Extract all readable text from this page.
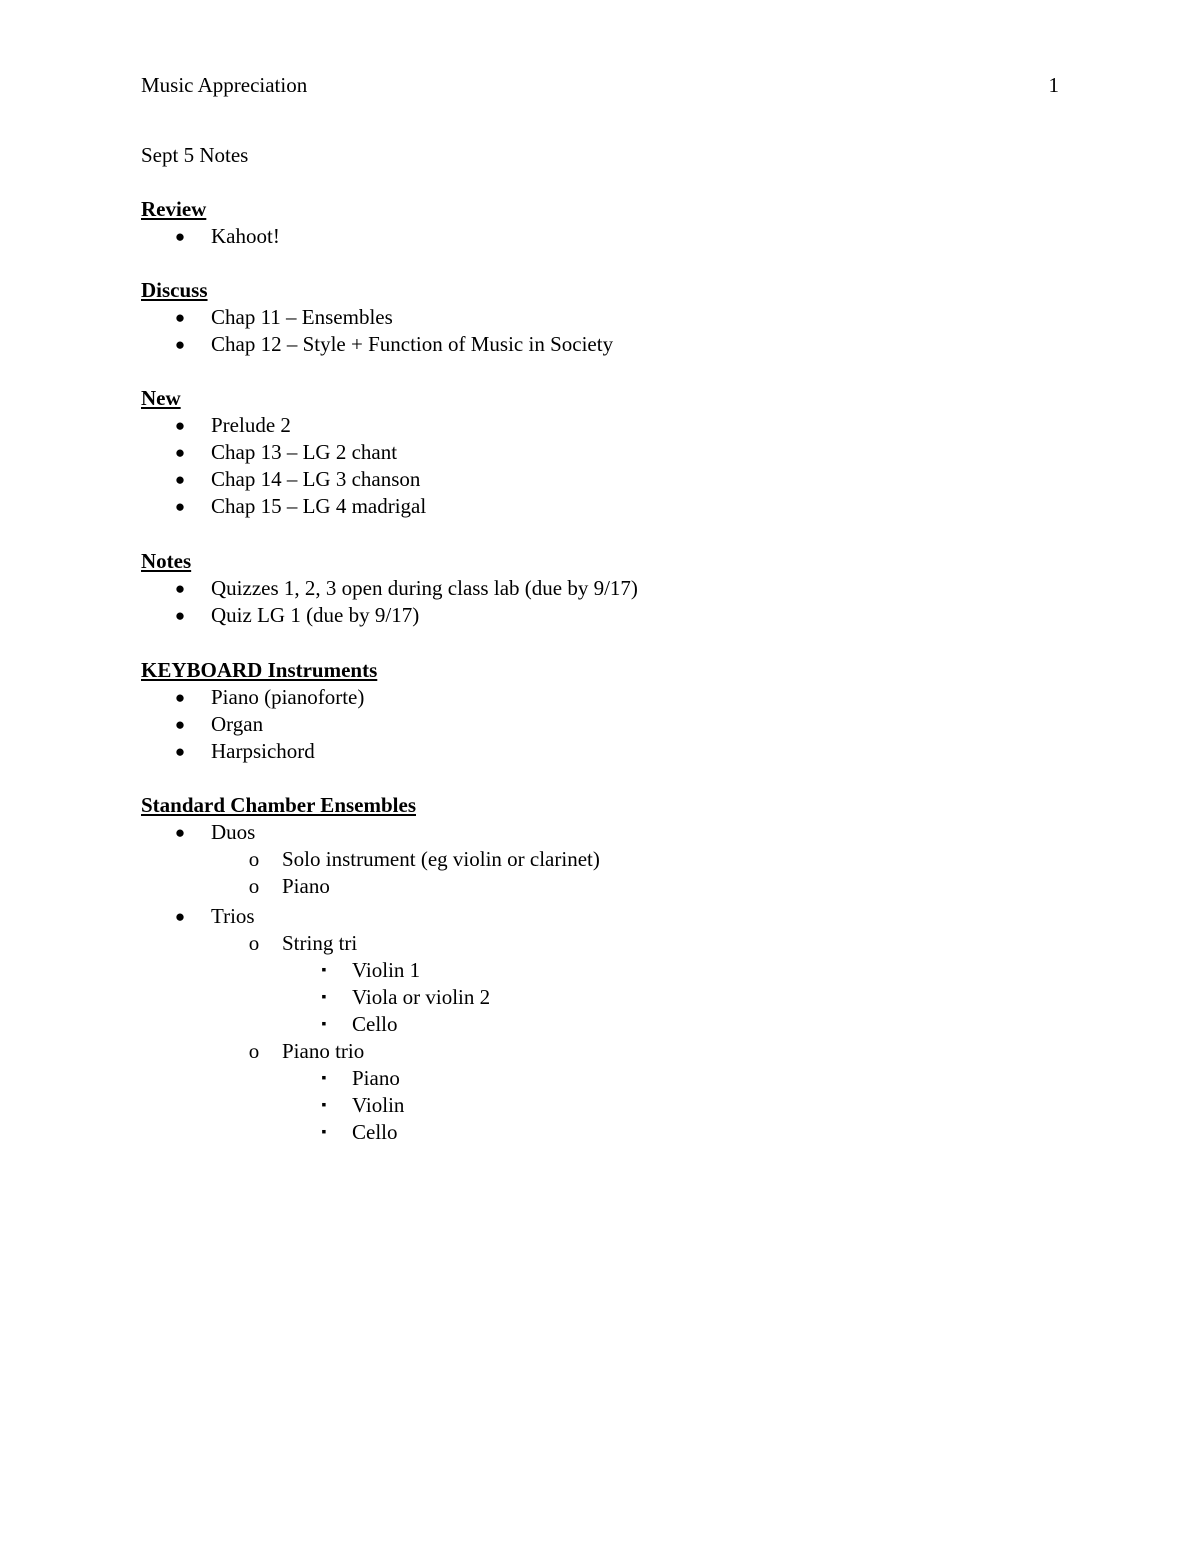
Music Appreciation	1
Sept 5 Notes
Review
● Kahoot!
Discuss
● Chap 11 – Ensembles
● Chap 12 – Style + Function of Music in Society
New
● Prelude 2
● Chap 13 – LG 2 chant
● Chap 14 – LG 3 chanson
● Chap 15 – LG 4 madrigal
Notes
● Quizzes 1, 2, 3 open during class lab (due by 9/17)
● Quiz LG 1 (due by 9/17)
KEYBOARD Instruments
● Piano (pianoforte)
● Organ
● Harpsichord
Standard Chamber Ensembles
● Duos
o Solo instrument (eg violin or clarinet)
o Piano
● Trios
o String tri
▪ Violin 1
▪ Viola or violin 2
▪ Cello
o Piano trio
▪ Piano
▪ Violin
▪ Cello
